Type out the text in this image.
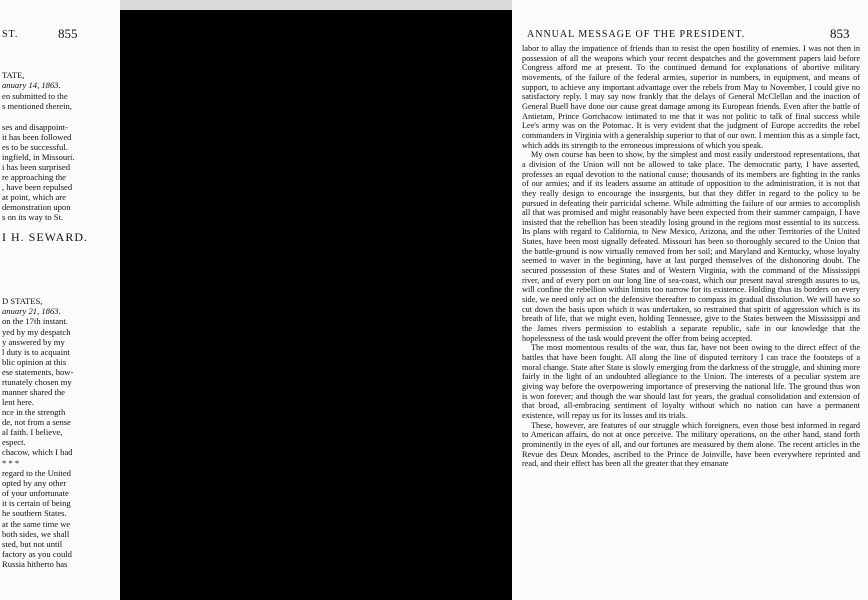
ST.	855
TATE,
anuary 14, 1863.
en submitted to the
s mentioned therein,
ses and disappoint-
it has been followed
es to be successful.
ingfield, in Missouri.
i has been surprised
re approaching the
, have been repulsed
at point, which are
demonstration upon
s on its way to St.
I H. SEWARD.
D STATES,
anuary 21, 1863.
on the 17th instant.
yed by my despatch
y answered by my
l duty is to acquaint
blic opinion at this
ese statements, how-
rtunately chosen my
manner shared the
lent here.
nce in the strength
de, not from a sense
al faith. I believe,
espect.
chacow, which I had
* * *
regard to the United
opted by any other
of your unfortunate
it is certain of being
he southern States.
at the same time we
both sides, we shall
sted, but not until
factory as you could
Russia hitherto has
ANNUAL MESSAGE OF THE PRESIDENT.	853

labor to allay the impatience of friends than to resist the open hostility of enemies. I was not then in possession of all the weapons which your recent despatches and the government papers laid before Congress afford me at present. To the continued demand for explanations of abortive military movements, of the failure of the federal armies, superior in numbers, in equipment, and means of support, to achieve any important advantage over the rebels from May to November, I could give no satisfactory reply. I may say now frankly that the delays of General McClellan and the inaction of General Buell have done our cause great damage among its European friends. Even after the battle of Antietam, Prince Gortchacow intimated to me that it was not politic to talk of final success while Lee's army was on the Potomac. It is very evident that the judgment of Europe accredits the rebel commanders in Virginia with a generalship superior to that of our own. I mention this as a simple fact, which adds its strength to the erroneous impressions of which you speak.

My own course has been to show, by the simplest and most easily understood representations, that a division of the Union will not be allowed to take place. The democratic party, I have asserted, professes an equal devotion to the national cause; thousands of its members are fighting in the ranks of our armies; and if its leaders assume an attitude of opposition to the administration, it is not that they really design to encourage the insurgents, but that they differ in regard to the policy to be pursued in defeating their parricidal scheme. While admitting the failure of our armies to accomplish all that was promised and might reasonably have been expected from their summer campaign, I have insisted that the rebellion has been steadily losing ground in the regions most essential to its success. Its plans with regard to California, to New Mexico, Arizona, and the other Territories of the United States, have been most signally defeated. Missouri has been so thoroughly secured to the Union that the battle-ground is now virtually removed from her soil; and Maryland and Kentucky, whose loyalty seemed to waver in the beginning, have at last purged themselves of the dishonoring doubt. The secured possession of these States and of Western Virginia, with the command of the Mississippi river, and of every port on our long line of sea-coast, which our present naval strength assures to us, will confine the rebellion within limits too narrow for its existence. Holding thus its borders on every side, we need only act on the defensive thereafter to compass its gradual dissolution. We will have so cut down the basis upon which it was undertaken, so restrained that spirit of aggression which is its breath of life, that we might even, holding Tennessee, give to the States between the Mississippi and the James rivers permission to establish a separate republic, safe in our knowledge that the hopelessness of the task would prevent the offer from being accepted.

The most momentous results of the war, thus far, have not been owing to the direct effect of the battles that have been fought. All along the line of disputed territory I can trace the footsteps of a moral change. State after State is slowly emerging from the darkness of the struggle, and shining more fairly in the light of an undoubted allegiance to the Union. The interests of a peculiar system are giving way before the overpowering importance of preserving the national life. The ground thus won is won forever; and though the war should last for years, the gradual consolidation and extension of that broad, all-embracing sentiment of loyalty without which no nation can have a permanent existence, will repay us for its losses and its trials.

These, however, are features of our struggle which foreigners, even those best informed in regard to American affairs, do not at once perceive. The military operations, on the other hand, stand forth prominently in the eyes of all, and our fortunes are measured by them alone. The recent articles in the Revue des Deux Mondes, ascribed to the Prince de Joinville, have been everywhere reprinted and read, and their effect has been all the greater that they emanate
